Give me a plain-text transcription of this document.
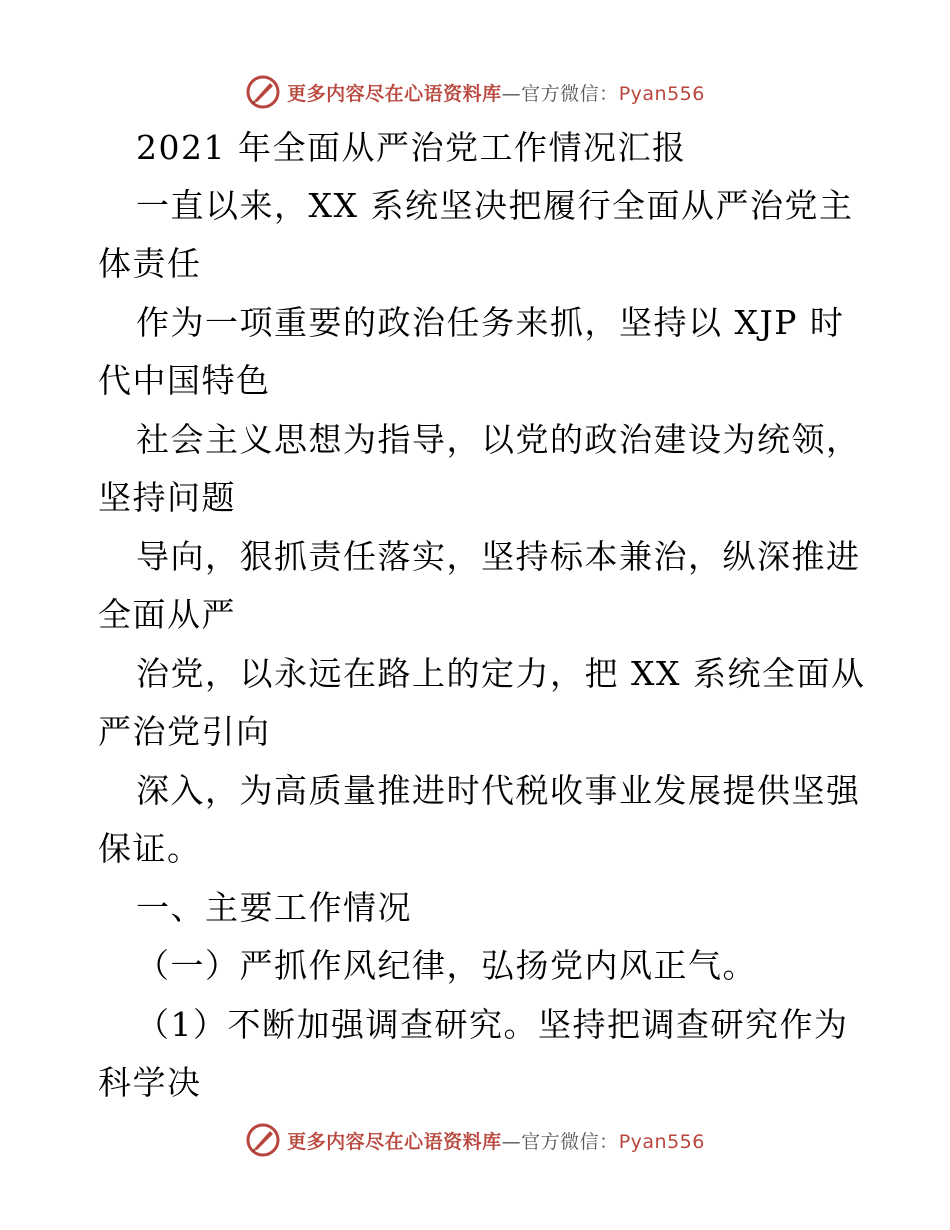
更多内容尽在心语资料库—官方微信：Pyan556
2021 年全面从严治党工作情况汇报
一直以来，XX 系统坚决把履行全面从严治党主
体责任
作为一项重要的政治任务来抓，坚持以 XJP 时
代中国特色
社会主义思想为指导，以党的政治建设为统领，
坚持问题
导向，狠抓责任落实，坚持标本兼治，纵深推进
全面从严
治党，以永远在路上的定力，把 XX 系统全面从
严治党引向
深入，为高质量推进时代税收事业发展提供坚强
保证。
一、主要工作情况
（一）严抓作风纪律，弘扬党内风正气。
（1）不断加强调查研究。坚持把调查研究作为
科学决
更多内容尽在心语资料库—官方微信：Pyan556
